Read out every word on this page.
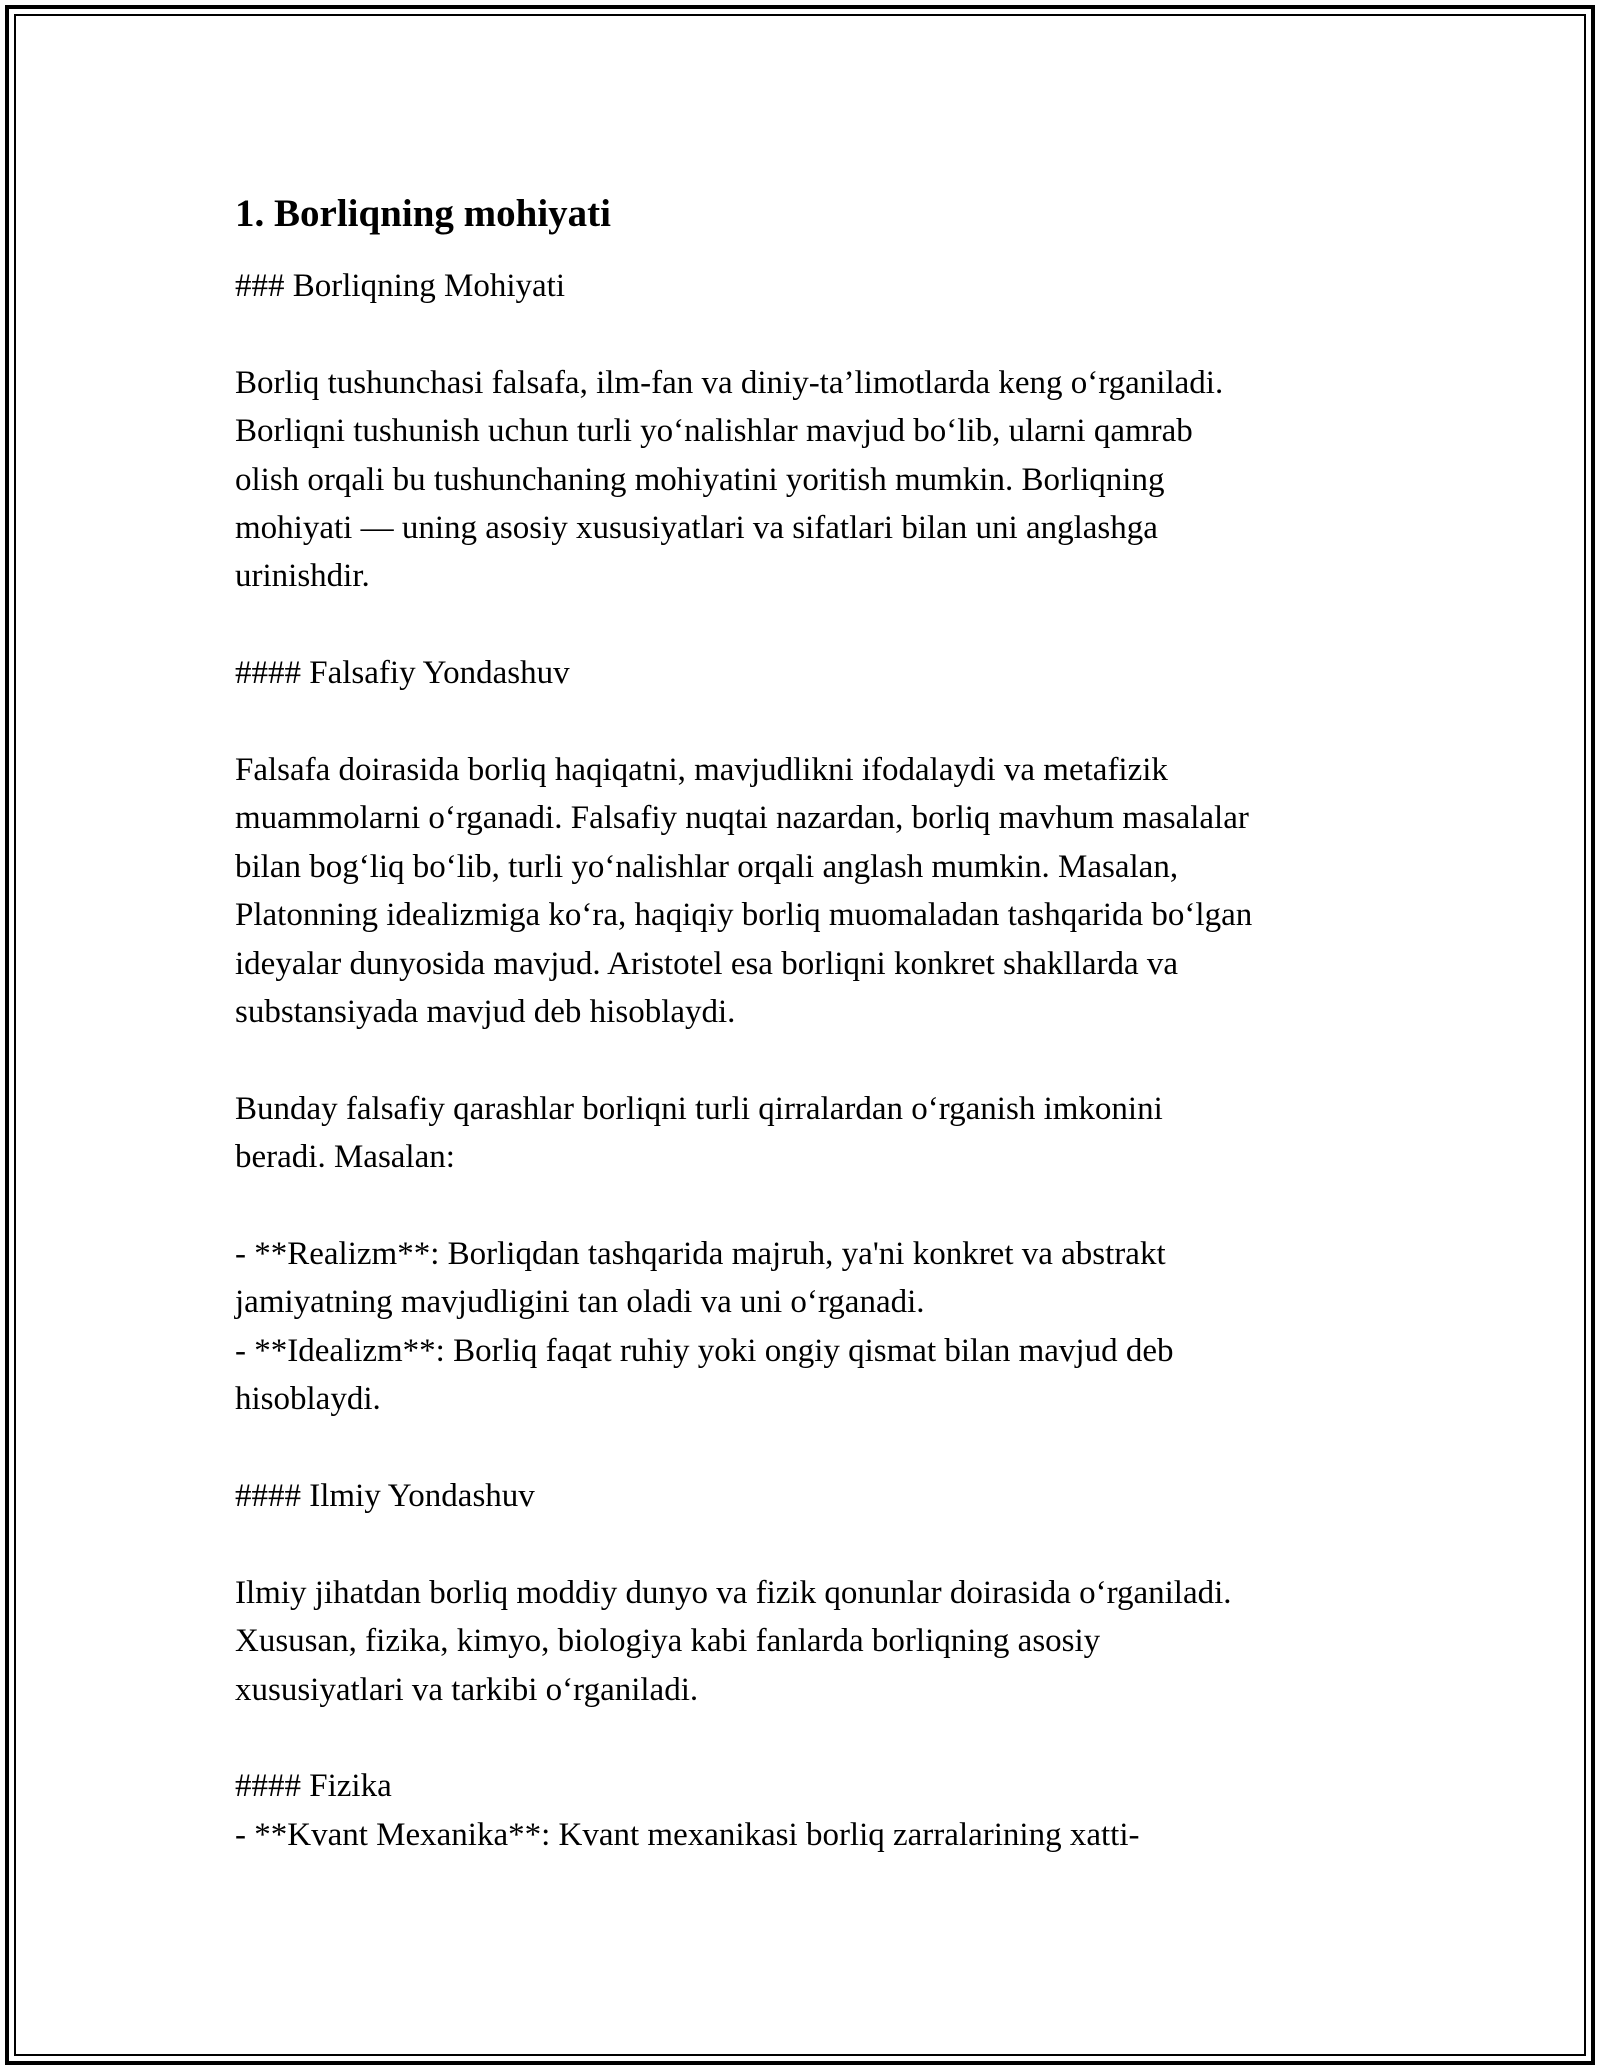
1. Borliqning mohiyati
### Borliqning Mohiyati
Borliq tushunchasi falsafa, ilm-fan va diniy-ta’limotlarda keng o‘rganiladi.
Borliqni tushunish uchun turli yo‘nalishlar mavjud bo‘lib, ularni qamrab
olish orqali bu tushunchaning mohiyatini yoritish mumkin. Borliqning
mohiyati — uning asosiy xususiyatlari va sifatlari bilan uni anglashga
urinishdir.
#### Falsafiy Yondashuv
Falsafa doirasida borliq haqiqatni, mavjudlikni ifodalaydi va metafizik
muammolarni o‘rganadi. Falsafiy nuqtai nazardan, borliq mavhum masalalar
bilan bog‘liq bo‘lib, turli yo‘nalishlar orqali anglash mumkin. Masalan,
Platonning idealizmiga ko‘ra, haqiqiy borliq muomaladan tashqarida bo‘lgan
ideyalar dunyosida mavjud. Aristotel esa borliqni konkret shakllarda va
substansiyada mavjud deb hisoblaydi.
Bunday falsafiy qarashlar borliqni turli qirralardan o‘rganish imkonini
beradi. Masalan:
- **Realizm**: Borliqdan tashqarida majruh, ya'ni konkret va abstrakt
jamiyatning mavjudligini tan oladi va uni o‘rganadi.
- **Idealizm**: Borliq faqat ruhiy yoki ongiy qismat bilan mavjud deb
hisoblaydi.
#### Ilmiy Yondashuv
Ilmiy jihatdan borliq moddiy dunyo va fizik qonunlar doirasida o‘rganiladi.
Xususan, fizika, kimyo, biologiya kabi fanlarda borliqning asosiy
xususiyatlari va tarkibi o‘rganiladi.
#### Fizika
- **Kvant Mexanika**: Kvant mexanikasi borliq zarralarining xatti-
